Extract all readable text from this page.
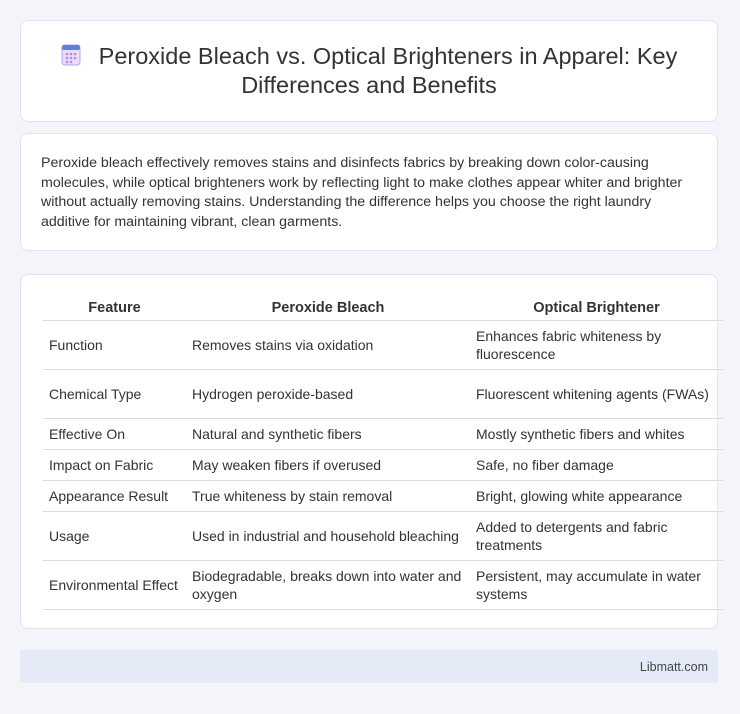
Peroxide Bleach vs. Optical Brighteners in Apparel: Key Differences and Benefits

Peroxide bleach effectively removes stains and disinfects fabrics by breaking down color-causing molecules, while optical brighteners work by reflecting light to make clothes appear whiter and brighter without actually removing stains. Understanding the difference helps you choose the right laundry additive for maintaining vibrant, clean garments.

Feature	Peroxide Bleach	Optical Brightener
Function	Removes stains via oxidation	Enhances fabric whiteness by fluorescence
Chemical Type	Hydrogen peroxide-based	Fluorescent whitening agents (FWAs)
Effective On	Natural and synthetic fibers	Mostly synthetic fibers and whites
Impact on Fabric	May weaken fibers if overused	Safe, no fiber damage
Appearance Result	True whiteness by stain removal	Bright, glowing white appearance
Usage	Used in industrial and household bleaching	Added to detergents and fabric treatments
Environmental Effect	Biodegradable, breaks down into water and oxygen	Persistent, may accumulate in water systems
Libmatt.com
